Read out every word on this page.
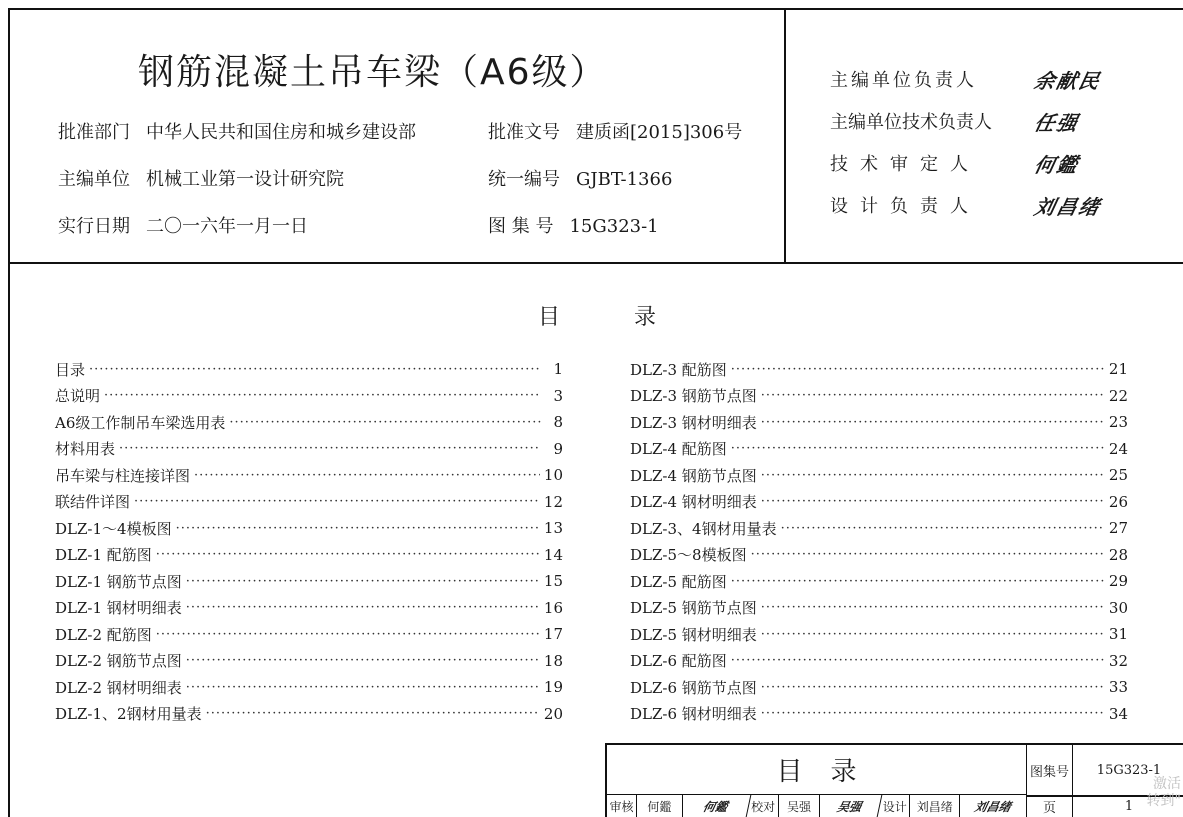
钢筋混凝土吊车梁（A6级）
批准部门 中华人民共和国住房和城乡建设部	批准文号 建质函[2015]306号
主编单位 机械工业第一设计研究院	统一编号 GJBT-1366
实行日期 二〇一六年一月一日	图 集 号 15G323-1
主编单位负责人	余献民
主编单位技术负责人	任强
技术审定人	何鑑
设计负责人	刘昌绪
目	录
目录 ·····	1
总说明 ·····	3
A6级工作制吊车梁选用表 ·····	8
材料用表 ·····	9
吊车梁与柱连接详图 ·····	10
联结件详图 ·····	12
DLZ-1～4模板图 ·····	13
DLZ-1 配筋图 ·····	14
DLZ-1 钢筋节点图 ·····	15
DLZ-1 钢材明细表 ·····	16
DLZ-2 配筋图 ·····	17
DLZ-2 钢筋节点图 ·····	18
DLZ-2 钢材明细表 ·····	19
DLZ-1、2钢材用量表 ·····	20
DLZ-3 配筋图 ·····	21
DLZ-3 钢筋节点图 ·····	22
DLZ-3 钢材明细表 ·····	23
DLZ-4 配筋图 ·····	24
DLZ-4 钢筋节点图 ·····	25
DLZ-4 钢材明细表 ·····	26
DLZ-3、4钢材用量表 ·····	27
DLZ-5～8模板图 ·····	28
DLZ-5 配筋图 ·····	29
DLZ-5 钢筋节点图 ·····	30
DLZ-5 钢材明细表 ·····	31
DLZ-6 配筋图 ·····	32
DLZ-6 钢筋节点图 ·····	33
DLZ-6 钢材明细表 ·····	34
目录
审核	何鑑	何鑑	校对 吴强	吴强	设计 刘昌绪	刘昌绪
图集号	15G323-1
页	1
激活
转到"
